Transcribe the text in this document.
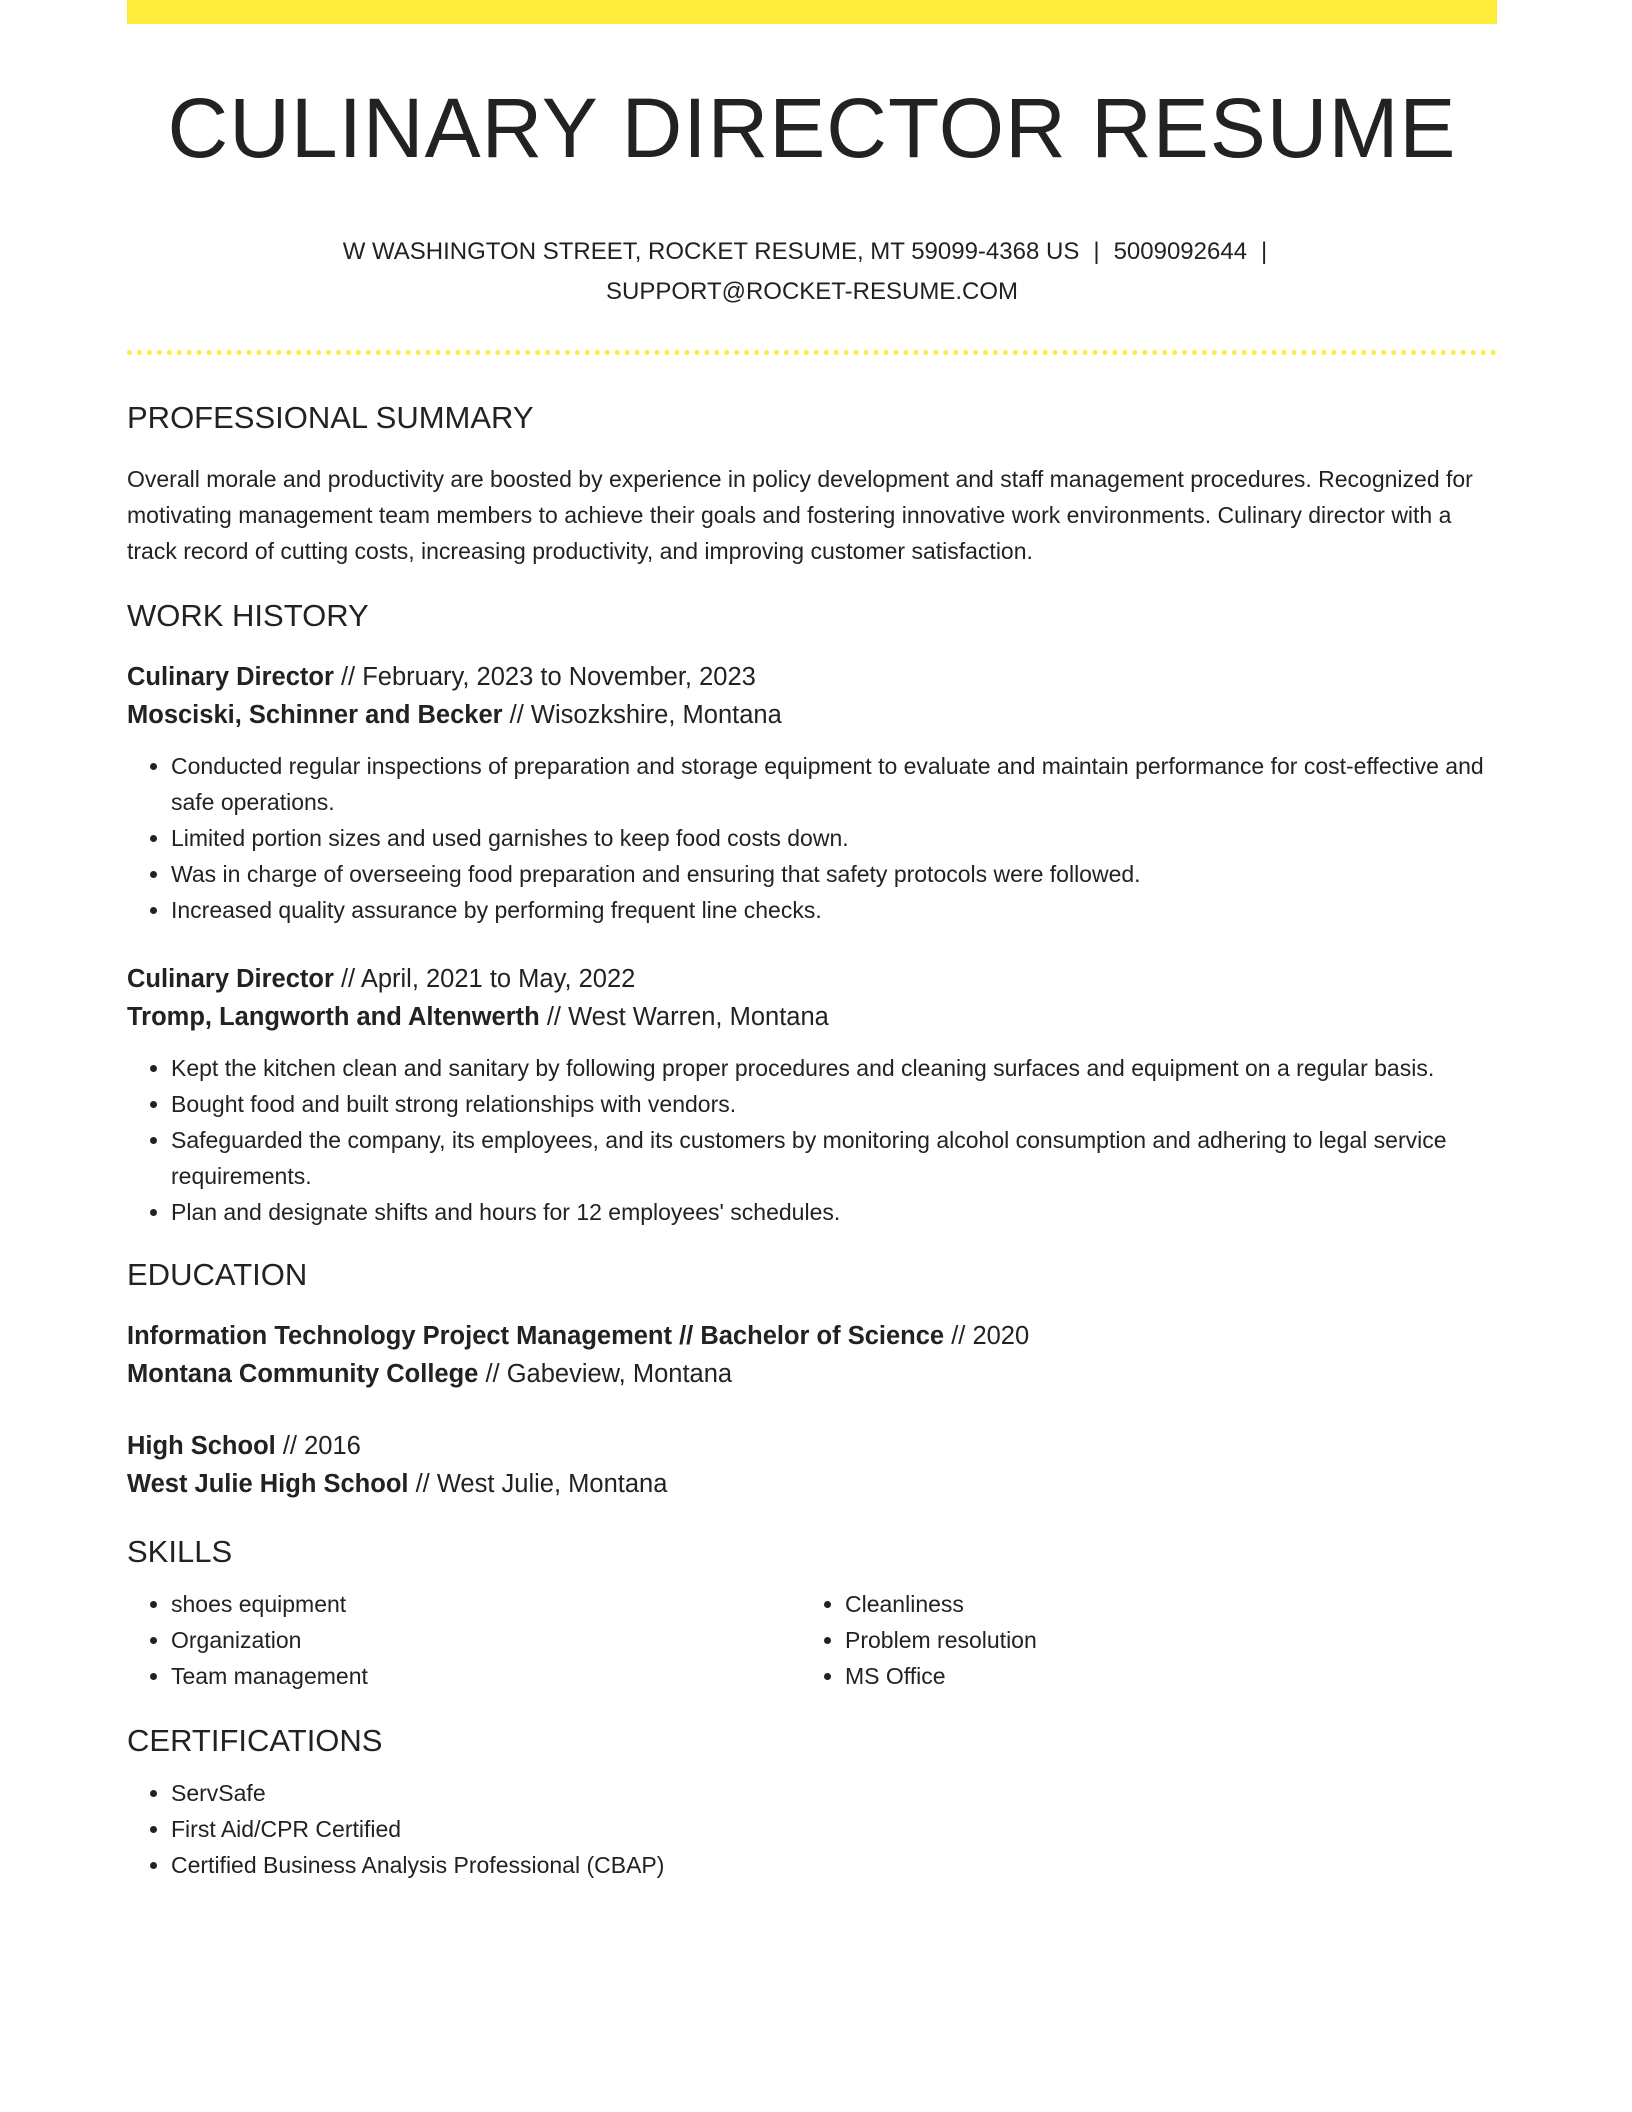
CULINARY DIRECTOR RESUME
W WASHINGTON STREET, ROCKET RESUME, MT 59099-4368 US | 5009092644 |
SUPPORT@ROCKET-RESUME.COM
PROFESSIONAL SUMMARY
Overall morale and productivity are boosted by experience in policy development and staff management procedures. Recognized for motivating management team members to achieve their goals and fostering innovative work environments. Culinary director with a track record of cutting costs, increasing productivity, and improving customer satisfaction.
WORK HISTORY
Culinary Director // February, 2023 to November, 2023
Mosciski, Schinner and Becker // Wisozkshire, Montana
• Conducted regular inspections of preparation and storage equipment to evaluate and maintain performance for cost-effective and safe operations.
• Limited portion sizes and used garnishes to keep food costs down.
• Was in charge of overseeing food preparation and ensuring that safety protocols were followed.
• Increased quality assurance by performing frequent line checks.
Culinary Director // April, 2021 to May, 2022
Tromp, Langworth and Altenwerth // West Warren, Montana
• Kept the kitchen clean and sanitary by following proper procedures and cleaning surfaces and equipment on a regular basis.
• Bought food and built strong relationships with vendors.
• Safeguarded the company, its employees, and its customers by monitoring alcohol consumption and adhering to legal service requirements.
• Plan and designate shifts and hours for 12 employees' schedules.
EDUCATION
Information Technology Project Management // Bachelor of Science // 2020
Montana Community College // Gabeview, Montana
High School // 2016
West Julie High School // West Julie, Montana
SKILLS
• shoes equipment
• Organization
• Team management
• Cleanliness
• Problem resolution
• MS Office
CERTIFICATIONS
• ServSafe
• First Aid/CPR Certified
• Certified Business Analysis Professional (CBAP)
